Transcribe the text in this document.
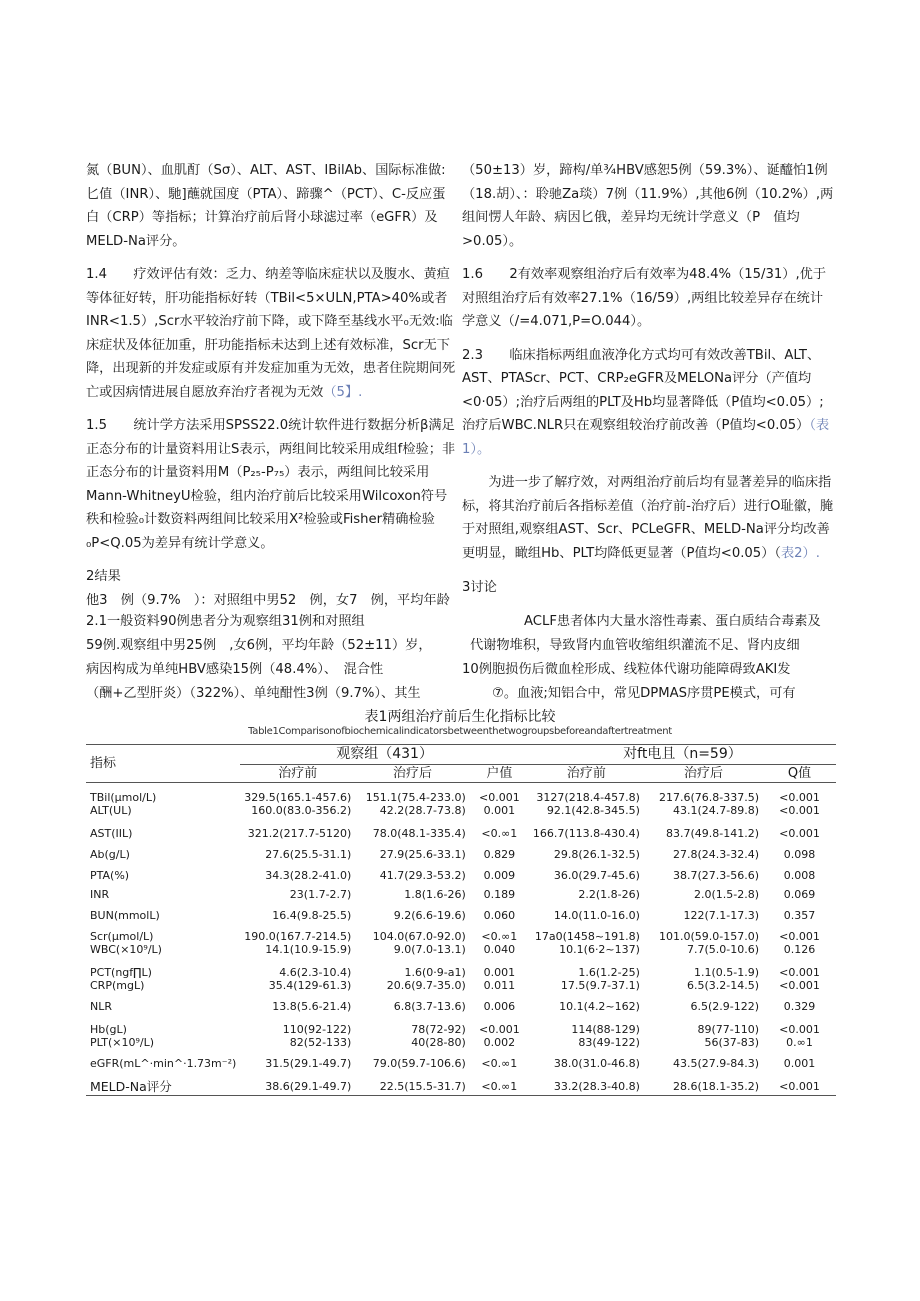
氮（BUN）、血肌酊（Sσ）、ALT、AST、IBilAb、国际标准做:匕值（INR）、馳]蘸就国度（PTA）、蹄骤^（PCT）、C-反应蛋白（CRP）等指标；计算治疗前后肾小球滤过率（eGFR）及MELD-Na评分。

1.4　　疗效评估有效：乏力、纳差等临床症状以及腹水、黄疸等体征好转，肝功能指标好转（TBil<5×ULN,PTA>40%或者INR<1.5）,Scr水平较治疗前下降，或下降至基线水平₀无效:临床症状及体征加重，肝功能指标未达到上述有效标准，Scr无下降，出现新的并发症或原有并发症加重为无效，患者住院期间死亡或因病情进展自愿放弃治疗者视为无效（5】.

1.5　　统计学方法采用SPSS22.0统计软件进行数据分析β满足正态分布的计量资料用让S表示，两组间比较采用成组f检验；非正态分布的计量资料用M（P₂₅-P₇₅）表示，两组间比较采用Mann-WhitneyU检验，组内治疗前后比较采用Wilcoxon符号秩和检验₀计数资料两组间比较采用X²检验或Fisher精确检验₀P<Q.05为差异有统计学意义。

2结果

他3　例（9.7%　）：对照组中男52　例，女7　例，平均年龄

（50±13）岁，蹄构/单¾HBV感恕5例（59.3%）、诞醯怕1例（18.胡）、：聆驰Za琰）7例（11.9%）,其他6例（10.2%）,两组间愣人年龄、病因匕俄，差异均无统计学意义（P　值均>0.05）。

1.6　　2有效率观察组治疗后有效率为48.4%（15/31）,优于对照组治疗后有效率27.1%（16/59）,两组比较差异存在统计学意义（/=4.071,P=O.044）。

2.3　　临床指标两组血液净化方式均可有效改善TBil、ALT、AST、PTAScr、PCT、CRP₂eGFR及MELONa评分（产值均<0·05）;治疗后两组的PLT及Hb均显著降低（P值均<0.05）;治疗后WBC.NLR只在观察组较治疗前改善（P值均<0.05）（表1）。

　　为进一步了解疗效，对两组治疗前后均有显著差异的临床指标，将其治疗前后各指标差值（治疗前-治疗后）进行O耻徽，腌于对照组,观察组AST、Scr、PCLeGFR、MELD-Na评分均改善更明显，瞰组Hb、PLT均降低更显著（P值均<0.05）（表2）.

3讨论

2.1一般资料90例患者分为观察组31例和对照组

59例.观察组中男25例　,女6例，平均年龄（52±11）岁，

病因构成为单纯HBV感染15例（48.4%）、　混合性

（酬+乙型肝炎）（322%）、单纯酣性3例（9.7%）、其生

ACLF患者体内大量水溶性毒素、蛋白质结合毒素及

代谢物堆积，导致肾内血管收缩组织灌流不足、肾内皮细

10例胞损伤后微血栓形成、线粒体代谢功能障碍致AKI发

⑦。血液;知铝合中，常见DPMAS序贯PE模式，可有

表1两组治疗前后生化指标比较
Table1Comparisonofbiochemicalindicatorsbetweenthetwogroupsbeforeandaftertreatment
指标	观察组（431）			对ft电且（n=59）		
	治疗前	治疗后	户值	治疗前	治疗后	Q值
TBil(μmol∕L)	329.5(165.1-457.6)	151.1(75.4-233.0)	<0.001	3127(218.4-457.8)	217.6(76.8-337.5)	<0.001
ALT(UL)	160.0(83.0-356.2)	42.2(28.7-73.8)	0.001	92.1(42.8-345.5)	43.1(24.7-89.8)	<0.001
AST(IIL)	321.2(217.7-5120)	78.0(48.1-335.4)	<0.∞1	166.7(113.8-430.4)	83.7(49.8-141.2)	<0.001
Ab(g∕L)	27.6(25.5-31.1)	27.9(25.6-33.1)	0.829	29.8(26.1-32.5)	27.8(24.3-32.4)	0.098
PTA(%)	34.3(28.2-41.0)	41.7(29.3-53.2)	0.009	36.0(29.7-45.6)	38.7(27.3-56.6)	0.008
INR	23(1.7-2.7)	1.8(1.6-26)	0.189	2.2(1.8-26)	2.0(1.5-2.8)	0.069
BUN(mmolL)	16.4(9.8-25.5)	9.2(6.6-19.6)	0.060	14.0(11.0-16.0)	122(7.1-17.3)	0.357
Scr(μmol∕L)	190.0(167.7-214.5)	104.0(67.0-92.0)	<0.∞1	17a0(1458~191.8)	101.0(59.0-157.0)	<0.001
WBC(×10⁹∕L)	14.1(10.9-15.9)	9.0(7.0-13.1)	0.040	10.1(6·2~137)	7.7(5.0-10.6)	0.126
PCT(ngf∏L)	4.6(2.3-10.4)	1.6(0·9-a1)	0.001	1.6(1.2-25)	1.1(0.5-1.9)	<0.001
CRP(mgL)	35.4(129-61.3)	20.6(9.7-35.0)	0.011	17.5(9.7-37.1)	6.5(3.2-14.5)	<0.001
NLR	13.8(5.6-21.4)	6.8(3.7-13.6)	0.006	10.1(4.2~162)	6.5(2.9-122)	0.329
Hb(gL)	110(92-122)	78(72-92)	<0.001	114(88-129)	89(77-110)	<0.001
PLT(×10⁹∕L)	82(52-133)	40(28-80)	0.002	83(49-122)	56(37-83)	0.∞1
eGFR(mL^·min^·1.73m⁻²)	31.5(29.1-49.7)	79.0(59.7-106.6)	<0.∞1	38.0(31.0-46.8)	43.5(27.9-84.3)	0.001
MELD-Na评分	38.6(29.1-49.7)	22.5(15.5-31.7)	<0.∞1	33.2(28.3-40.8)	28.6(18.1-35.2)	<0.001
